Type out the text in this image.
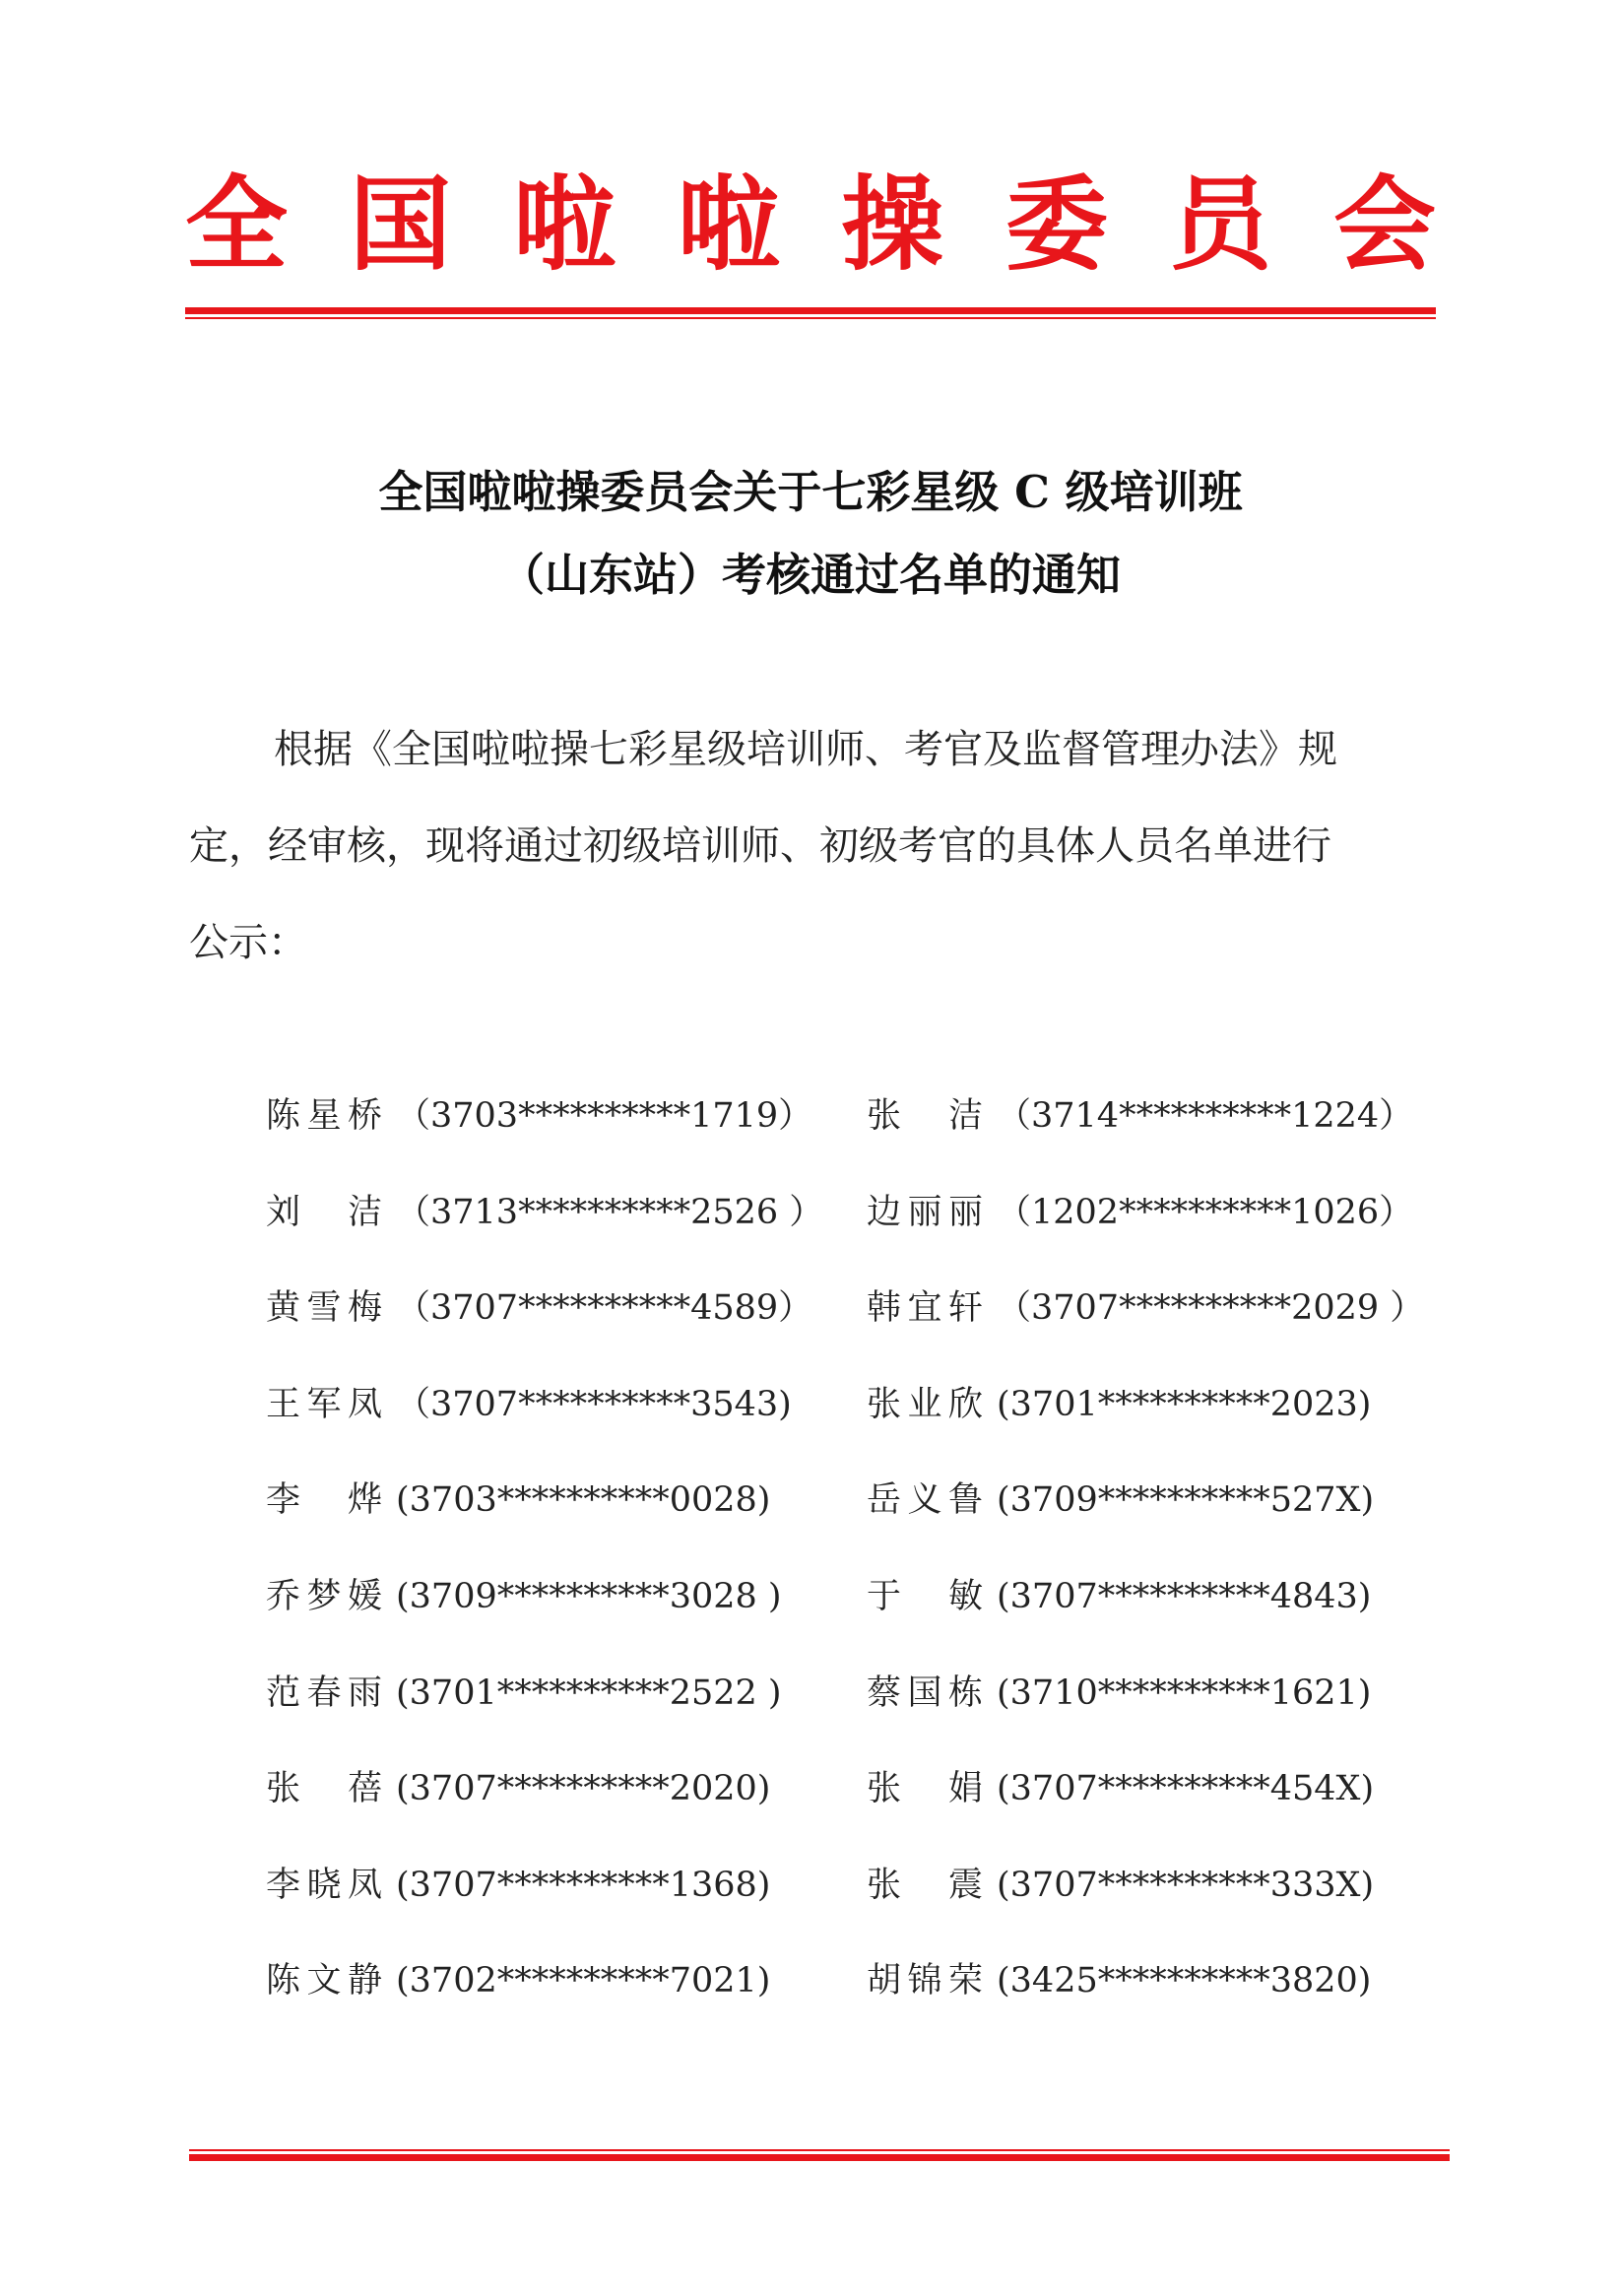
全 国 啦 啦 操 委 员 会
全国啦啦操委员会关于七彩星级 C 级培训班
（山东站）考核通过名单的通知
根据《全国啦啦操七彩星级培训师、考官及监督管理办法》规
定，经审核，现将通过初级培训师、初级考官的具体人员名单进行
公示：
陈星桥 （3703**********1719） 张 洁 （3714**********1224）
刘 洁 （3713**********2526 ） 边丽丽 （1202**********1026）
黄雪梅 （3707**********4589） 韩宜轩 （3707**********2029 ）
王军凤 （3707**********3543) 张业欣 (3701**********2023)
李 烨 (3703**********0028)	岳义鲁 (3709**********527X)
乔梦媛 (3709**********3028 ) 于 敏 (3707**********4843)
范春雨 (3701**********2522 ) 蔡国栋 (3710**********1621)
张 蓓 (3707**********2020)	张 娟 (3707**********454X)
李晓凤 (3707**********1368)	张 震 (3707**********333X)
陈文静 (3702**********7021)	胡锦荣 (3425**********3820)
